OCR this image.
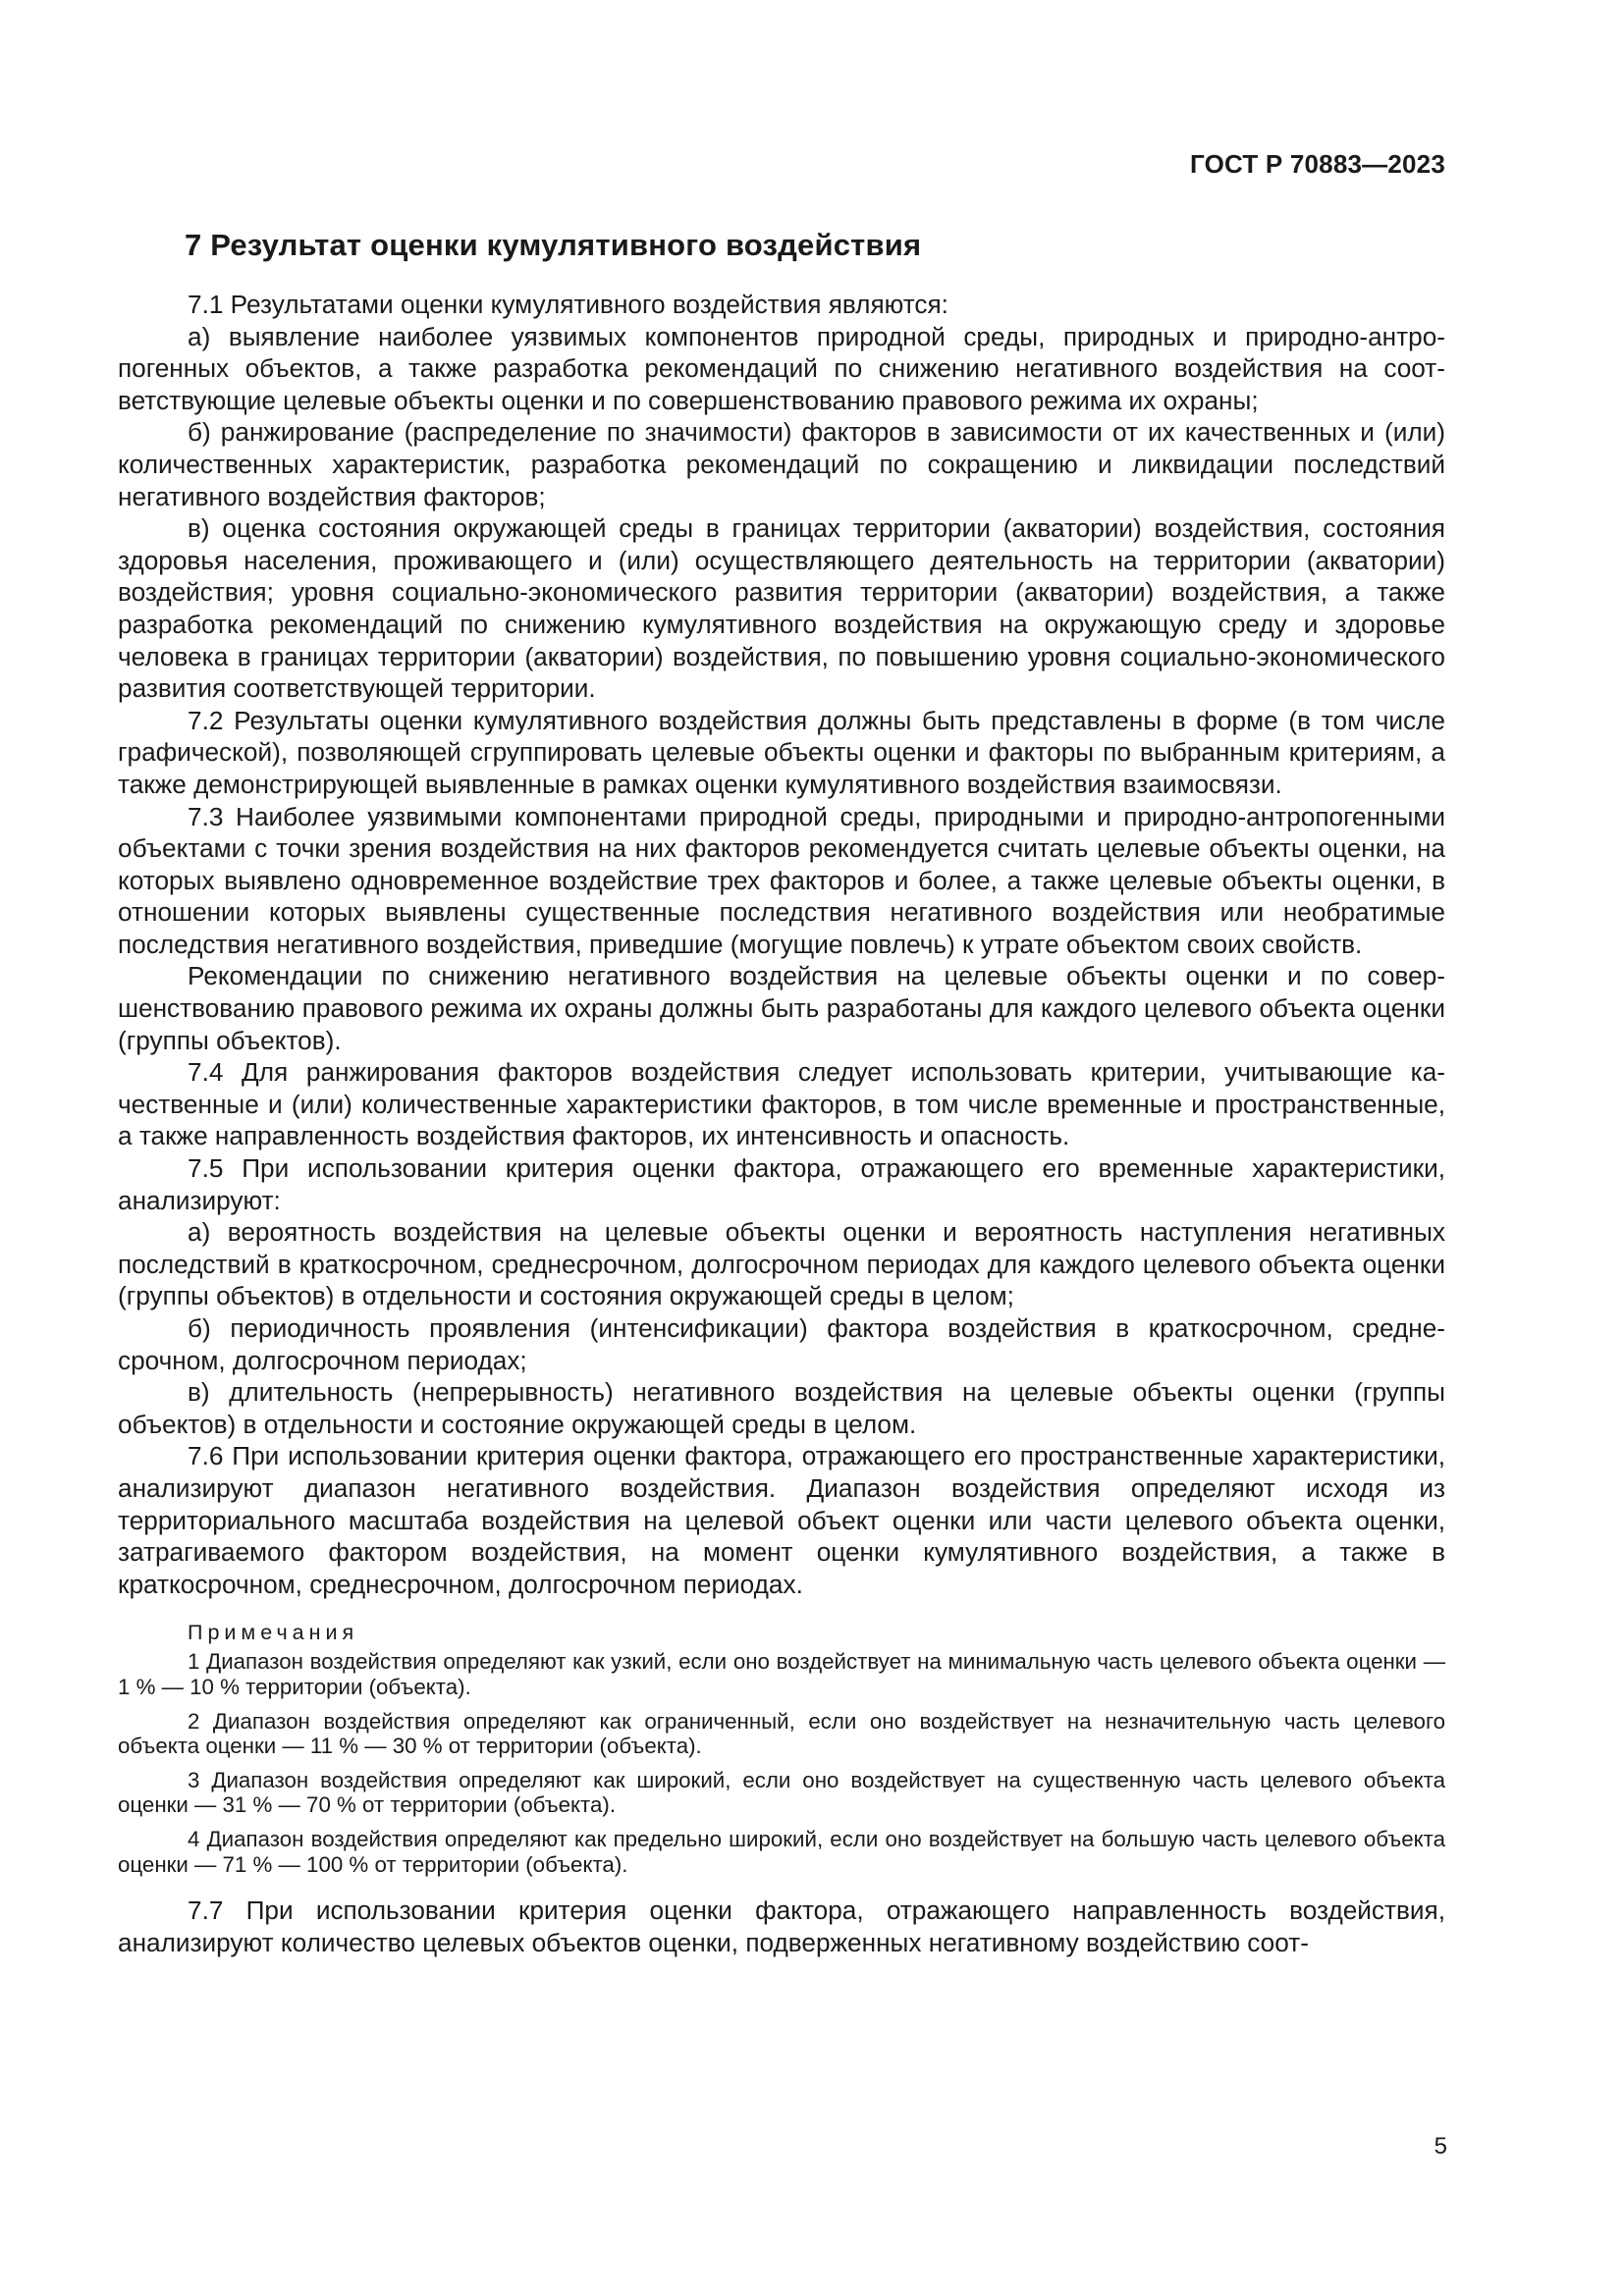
ГОСТ Р 70883—2023
7 Результат оценки кумулятивного воздействия

7.1 Результатами оценки кумулятивного воздействия являются:

а) выявление наиболее уязвимых компонентов природной среды, природных и природно-антропогенных объектов, а также разработка рекомендаций по снижению негативного воздействия на соответствующие целевые объекты оценки и по совершенствованию правового режима их охраны;

б) ранжирование (распределение по значимости) факторов в зависимости от их качественных и (или) количественных характеристик, разработка рекомендаций по сокращению и ликвидации последствий негативного воздействия факторов;

в) оценка состояния окружающей среды в границах территории (акватории) воздействия, состояния здоровья населения, проживающего и (или) осуществляющего деятельность на территории (акватории) воздействия; уровня социально-экономического развития территории (акватории) воздействия, а также разработка рекомендаций по снижению кумулятивного воздействия на окружающую среду и здоровье человека в границах территории (акватории) воздействия, по повышению уровня социально-экономического развития соответствующей территории.

7.2 Результаты оценки кумулятивного воздействия должны быть представлены в форме (в том числе графической), позволяющей сгруппировать целевые объекты оценки и факторы по выбранным критериям, а также демонстрирующей выявленные в рамках оценки кумулятивного воздействия взаимосвязи.

7.3 Наиболее уязвимыми компонентами природной среды, природными и природно-антропогенными объектами с точки зрения воздействия на них факторов рекомендуется считать целевые объекты оценки, на которых выявлено одновременное воздействие трех факторов и более, а также целевые объекты оценки, в отношении которых выявлены существенные последствия негативного воздействия или необратимые последствия негативного воздействия, приведшие (могущие повлечь) к утрате объектом своих свойств.

Рекомендации по снижению негативного воздействия на целевые объекты оценки и по совершенствованию правового режима их охраны должны быть разработаны для каждого целевого объекта оценки (группы объектов).

7.4 Для ранжирования факторов воздействия следует использовать критерии, учитывающие качественные и (или) количественные характеристики факторов, в том числе временные и пространственные, а также направленность воздействия факторов, их интенсивность и опасность.

7.5 При использовании критерия оценки фактора, отражающего его временные характеристики, анализируют:

а) вероятность воздействия на целевые объекты оценки и вероятность наступления негативных последствий в краткосрочном, среднесрочном, долгосрочном периодах для каждого целевого объекта оценки (группы объектов) в отдельности и состояния окружающей среды в целом;

б) периодичность проявления (интенсификации) фактора воздействия в краткосрочном, среднесрочном, долгосрочном периодах;

в) длительность (непрерывность) негативного воздействия на целевые объекты оценки (группы объектов) в отдельности и состояние окружающей среды в целом.

7.6 При использовании критерия оценки фактора, отражающего его пространственные характеристики, анализируют диапазон негативного воздействия. Диапазон воздействия определяют исходя из территориального масштаба воздействия на целевой объект оценки или части целевого объекта оценки, затрагиваемого фактором воздействия, на момент оценки кумулятивного воздействия, а также в краткосрочном, среднесрочном, долгосрочном периодах.

Примечания

1 Диапазон воздействия определяют как узкий, если оно воздействует на минимальную часть целевого объекта оценки — 1 % — 10 % территории (объекта).

2 Диапазон воздействия определяют как ограниченный, если оно воздействует на незначительную часть целевого объекта оценки — 11 % — 30 % от территории (объекта).

3 Диапазон воздействия определяют как широкий, если оно воздействует на существенную часть целевого объекта оценки — 31 % — 70 % от территории (объекта).

4 Диапазон воздействия определяют как предельно широкий, если оно воздействует на большую часть целевого объекта оценки — 71 % — 100 % от территории (объекта).

7.7 При использовании критерия оценки фактора, отражающего направленность воздействия, анализируют количество целевых объектов оценки, подверженных негативному воздействию соот-

5
